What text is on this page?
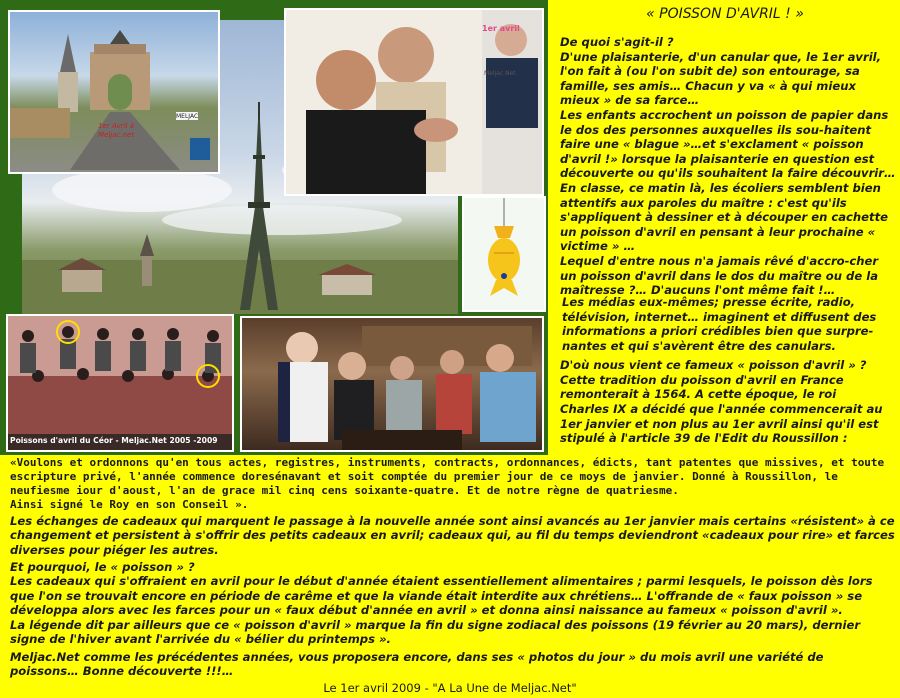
1er Avril à Meljac.net
MELJAC
1er avril
Meljac.Net
Poissons d'avril du Céor - Meljac.Net 2005 -2009
« POISSON D'AVRIL ! »

De quoi s'agit-il ?
D'une plaisanterie, d'un canular que, le 1er avril, l'on fait à (ou l'on subit de) son entourage, sa famille, ses amis… Chacun y va « à qui mieux mieux » de sa farce…
Les enfants accrochent un poisson de papier dans le dos des personnes auxquelles ils sou-haitent faire une « blague »…et s'exclament « poisson d'avril !» lorsque la plaisanterie en question est découverte ou qu'ils souhaitent la faire découvrir… En classe, ce matin là, les écoliers semblent bien attentifs aux paroles du maître : c'est qu'ils s'appliquent à dessiner et à découper en cachette un poisson d'avril en pensant à leur prochaine « victime » …
Lequel d'entre nous n'a jamais rêvé d'accro-cher un poisson d'avril dans le dos du maître ou de la maîtresse ?… D'aucuns l'ont même fait !…

Les médias eux-mêmes; presse écrite, radio, télévision, internet… imaginent et diffusent des informations a priori crédibles bien que surpre-nantes et qui s'avèrent être des canulars.

D'où nous vient ce fameux « poisson d'avril » ?
Cette tradition du poisson d'avril en France remonterait à 1564. A cette époque, le roi

Charles IX a décidé que l'année commencerait au 1er janvier et non plus au 1er avril ainsi qu'il est stipulé à l'article 39 de l'Edit du Roussillon :

«Voulons et ordonnons qu'en tous actes, registres, instruments, contracts, ordonnances, édicts, tant patentes que missives, et toute escripture privé, l'année commence doresénavant et soit comptée du premier jour de ce moys de janvier. Donné à Roussillon, le neufiesme iour d'aoust, l'an de grace mil cinq cens soixante-quatre. Et de notre règne de quatriesme.
Ainsi signé le Roy en son Conseil ».

Les échanges de cadeaux qui marquent le passage à la nouvelle année sont ainsi avancés au 1er janvier mais certains «résistent» à ce changement et persistent à s'offrir des petits cadeaux en avril; cadeaux qui, au fil du temps deviendront «cadeaux pour rire» et farces diverses pour piéger les autres.

Et pourquoi, le « poisson » ?
Les cadeaux qui s'offraient en avril pour le début d'année étaient essentiellement alimentaires ; parmi lesquels, le poisson dès lors que l'on se trouvait encore en période de carême et que la viande était interdite aux chrétiens… L'offrande de « faux poisson » se développa alors avec les farces pour un « faux début d'année en avril » et donna ainsi naissance au fameux « poisson d'avril ».
La légende dit par ailleurs que ce « poisson d'avril » marque la fin du signe zodiacal des poissons (19 février au 20 mars), dernier signe de l'hiver avant l'arrivée du « bélier du printemps ».

Meljac.Net comme les précédentes années, vous proposera encore, dans ses « photos du jour » du mois avril une variété de poissons… Bonne découverte !!!…

Le 1er avril 2009 - "A La Une de Meljac.Net"
